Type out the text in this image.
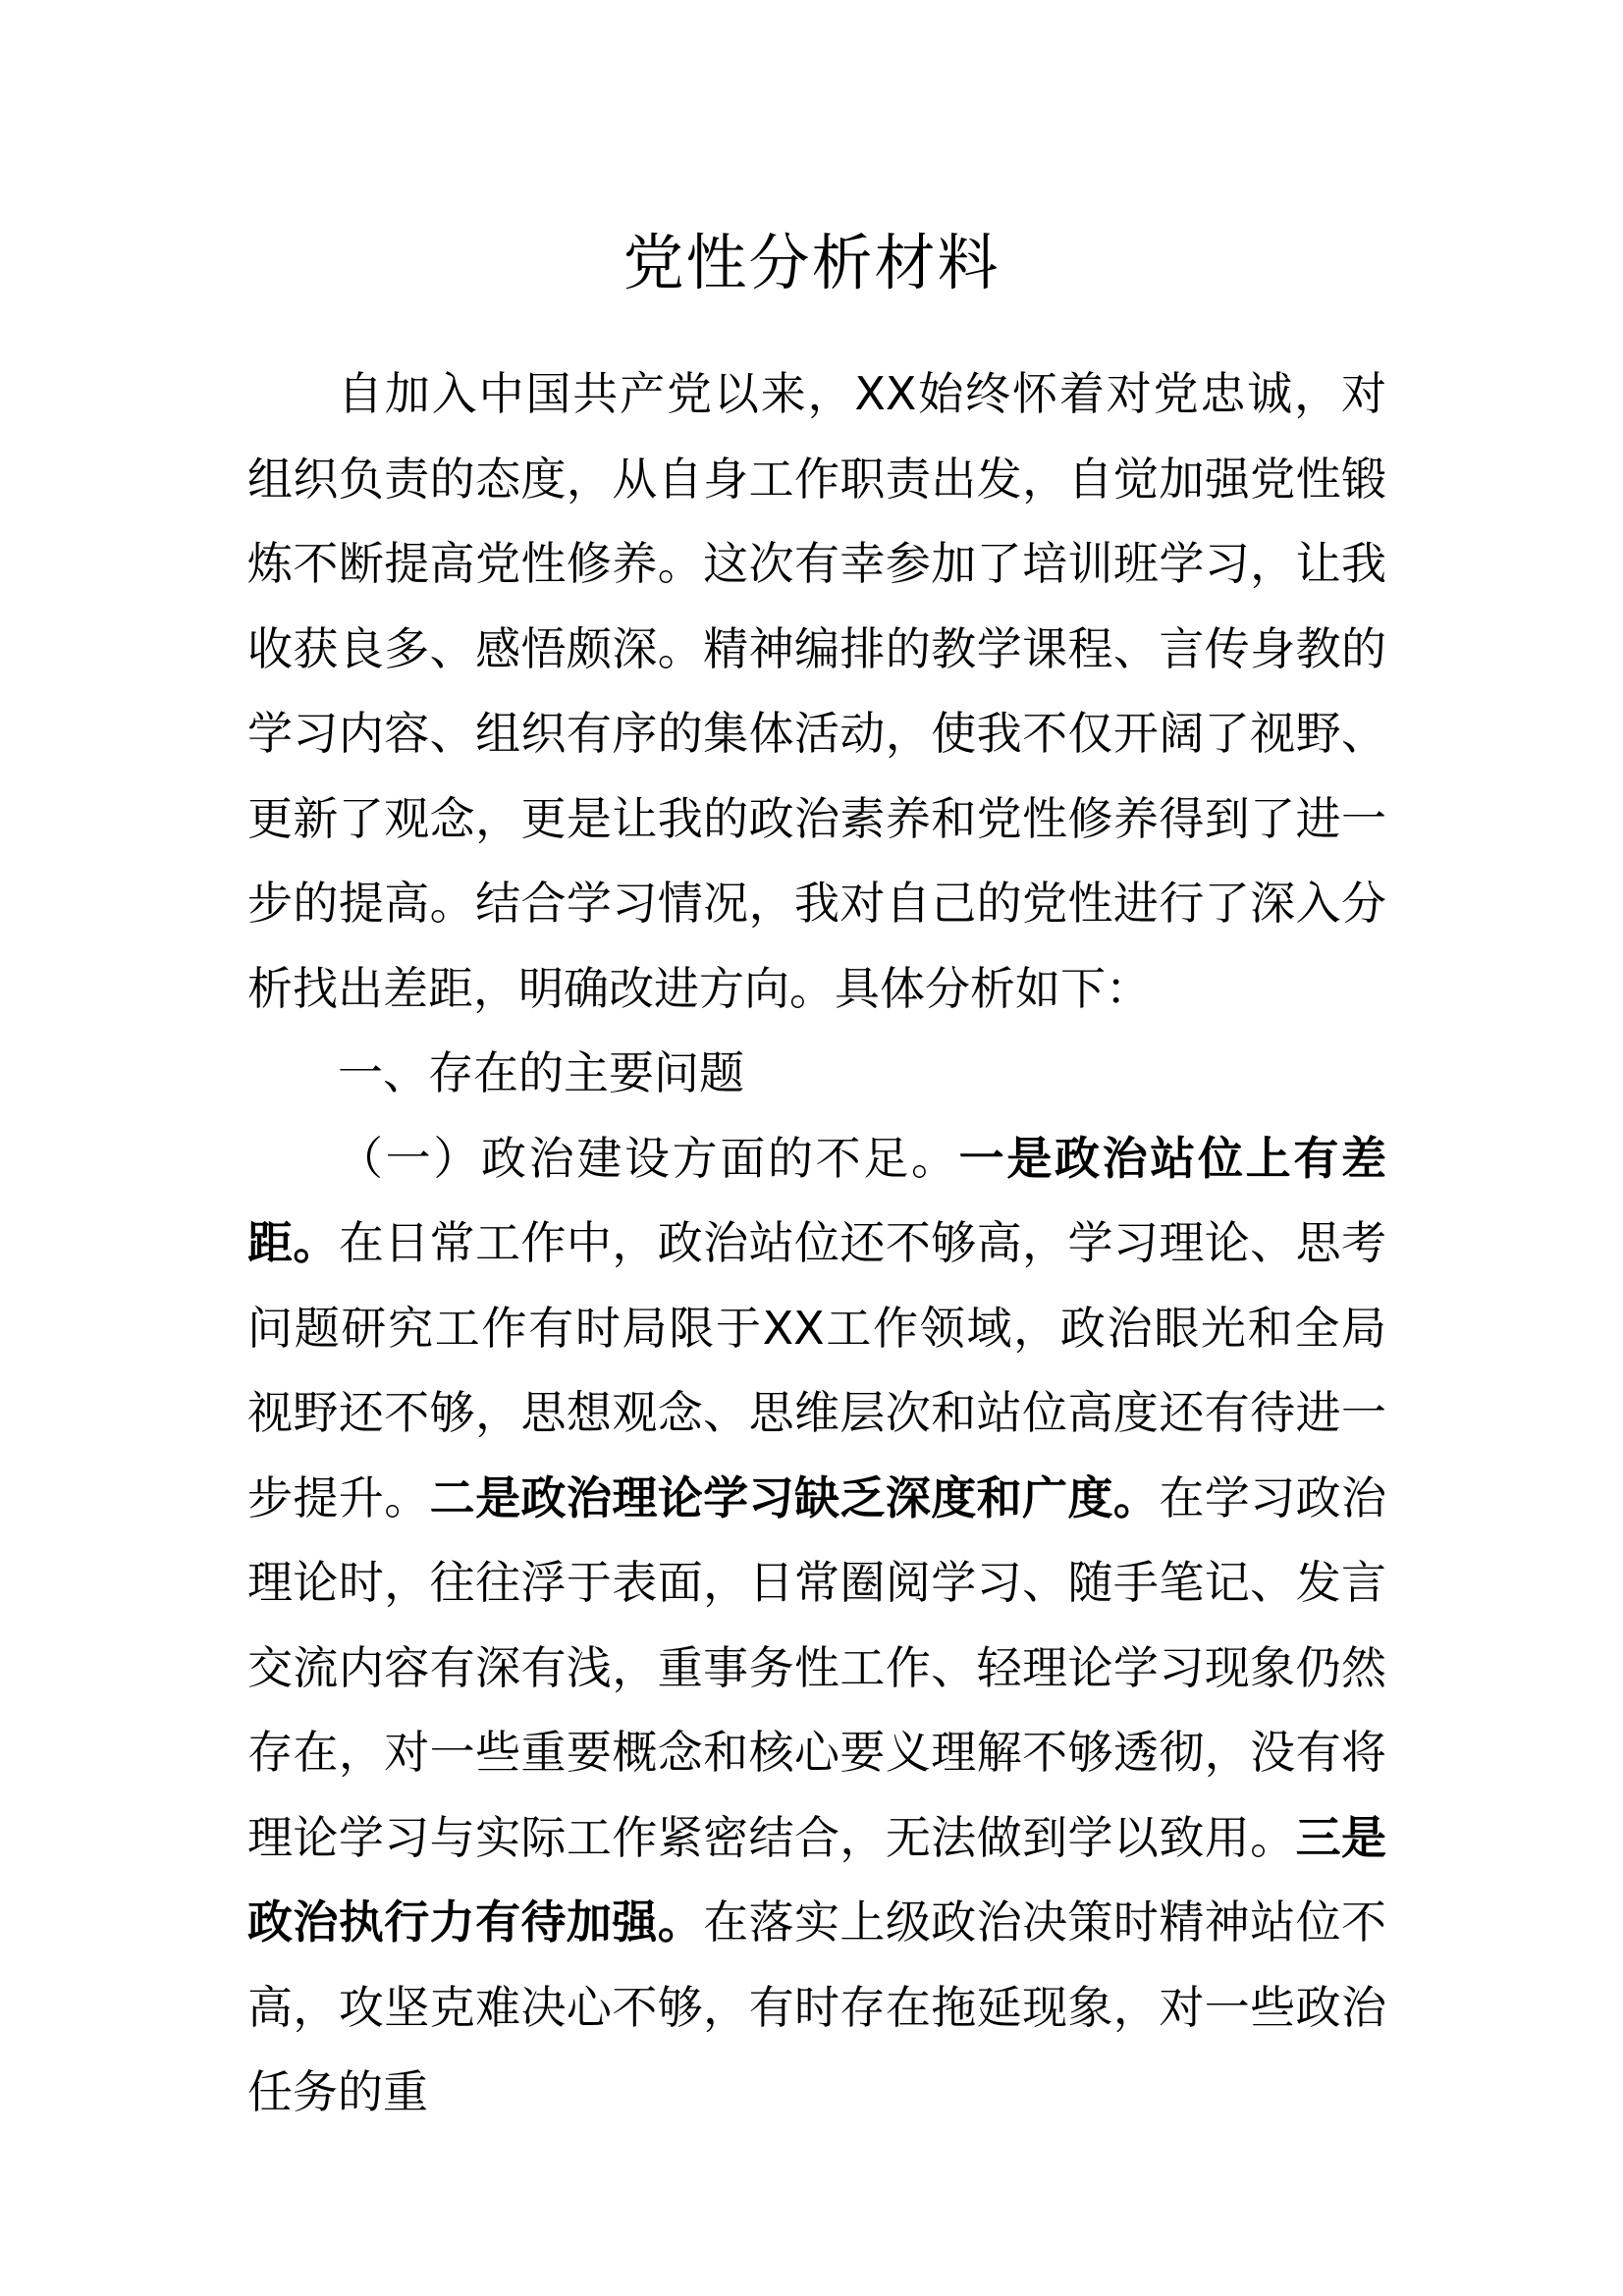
党性分析材料

自加入中国共产党以来，XX始终怀着对党忠诚，对组织负责的态度，从自身工作职责出发，自觉加强党性锻炼不断提高党性修养。这次有幸参加了培训班学习，让我收获良多、感悟颇深。精神编排的教学课程、言传身教的学习内容、组织有序的集体活动，使我不仅开阔了视野、更新了观念，更是让我的政治素养和党性修养得到了进一步的提高。结合学习情况，我对自己的党性进行了深入分析找出差距，明确改进方向。具体分析如下：

一、存在的主要问题

（一）政治建设方面的不足。一是政治站位上有差距。在日常工作中，政治站位还不够高，学习理论、思考问题研究工作有时局限于XX工作领域，政治眼光和全局视野还不够，思想观念、思维层次和站位高度还有待进一步提升。二是政治理论学习缺乏深度和广度。在学习政治理论时，往往浮于表面，日常圈阅学习、随手笔记、发言交流内容有深有浅，重事务性工作、轻理论学习现象仍然存在，对一些重要概念和核心要义理解不够透彻，没有将理论学习与实际工作紧密结合，无法做到学以致用。三是政治执行力有待加强。在落实上级政治决策时精神站位不高，攻坚克难决心不够，有时存在拖延现象，对一些政治任务的重
